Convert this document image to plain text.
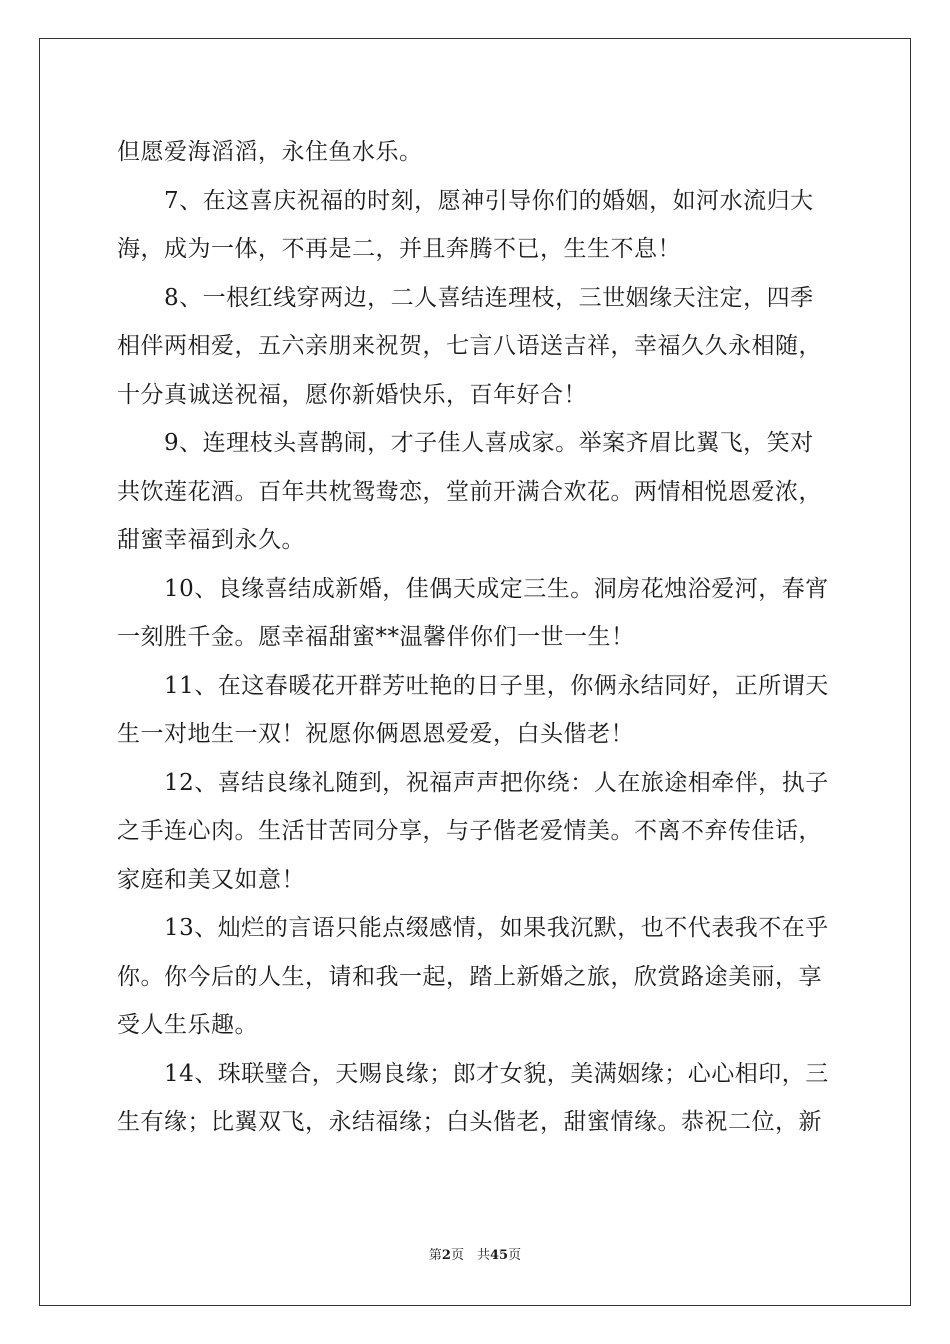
但愿爱海滔滔，永住鱼水乐。
　　7、在这喜庆祝福的时刻，愿神引导你们的婚姻，如河水流归大
海，成为一体，不再是二，并且奔腾不已，生生不息！
　　8、一根红线穿两边，二人喜结连理枝，三世姻缘天注定，四季
相伴两相爱，五六亲朋来祝贺，七言八语送吉祥，幸福久久永相随，
十分真诚送祝福，愿你新婚快乐，百年好合！
　　9、连理枝头喜鹊闹，才子佳人喜成家。举案齐眉比翼飞，笑对
共饮莲花酒。百年共枕鸳鸯恋，堂前开满合欢花。两情相悦恩爱浓，
甜蜜幸福到永久。
　　10、良缘喜结成新婚，佳偶天成定三生。洞房花烛浴爱河，春宵
一刻胜千金。愿幸福甜蜜**温馨伴你们一世一生！
　　11、在这春暖花开群芳吐艳的日子里，你俩永结同好，正所谓天
生一对地生一双！祝愿你俩恩恩爱爱，白头偕老！
　　12、喜结良缘礼随到，祝福声声把你绕：人在旅途相牵伴，执子
之手连心肉。生活甘苦同分享，与子偕老爱情美。不离不弃传佳话，
家庭和美又如意！
　　13、灿烂的言语只能点缀感情，如果我沉默，也不代表我不在乎
你。你今后的人生，请和我一起，踏上新婚之旅，欣赏路途美丽，享
受人生乐趣。
　　14、珠联璧合，天赐良缘；郎才女貌，美满姻缘；心心相印，三
生有缘；比翼双飞，永结福缘；白头偕老，甜蜜情缘。恭祝二位，新
第2页　共45页
